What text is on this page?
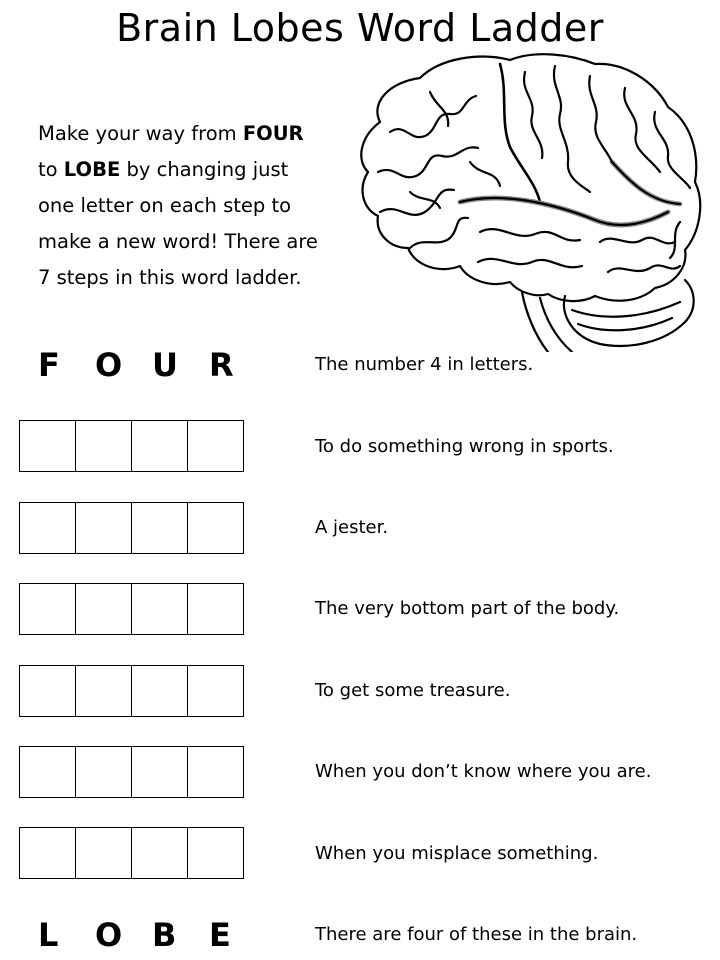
Brain Lobes Word Ladder
Make your way from FOUR
to LOBE by changing just
one letter on each step to
make a new word! There are
7 steps in this word ladder.
F	O U R	The number 4 in letters.
To do something wrong in sports.
A jester.
The very bottom part of the body.
To get some treasure.
When you don’t know where you are.
When you misplace something.
L	O B	E	There are four of these in the brain.
